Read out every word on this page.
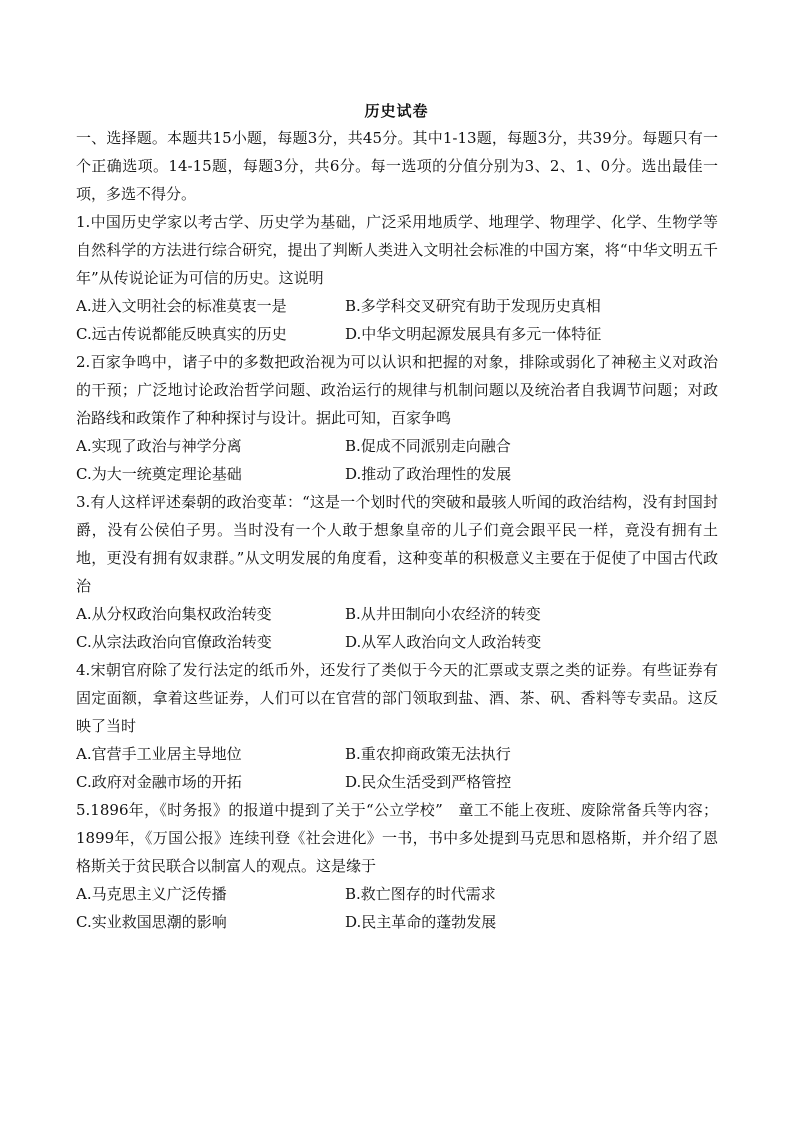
历史试卷

一、选择题。本题共15小题，每题3分，共45分。其中1-13题，每题3分，共39分。每题只有一个正确选项。14-15题，每题3分，共6分。每一选项的分值分别为3、2、1、0分。选出最佳一项，多选不得分。

1.中国历史学家以考古学、历史学为基础，广泛采用地质学、地理学、物理学、化学、生物学等自然科学的方法进行综合研究，提出了判断人类进入文明社会标准的中国方案，将“中华文明五千年”从传说论证为可信的历史。这说明

A.进入文明社会的标准莫衷一是	B.多学科交叉研究有助于发现历史真相
C.远古传说都能反映真实的历史	D.中华文明起源发展具有多元一体特征

2.百家争鸣中，诸子中的多数把政治视为可以认识和把握的对象，排除或弱化了神秘主义对政治的干预；广泛地讨论政治哲学问题、政治运行的规律与机制问题以及统治者自我调节问题；对政治路线和政策作了种种探讨与设计。据此可知，百家争鸣

A.实现了政治与神学分离	B.促成不同派别走向融合
C.为大一统奠定理论基础	D.推动了政治理性的发展

3.有人这样评述秦朝的政治变革：“这是一个划时代的突破和最骇人听闻的政治结构，没有封国封爵，没有公侯伯子男。当时没有一个人敢于想象皇帝的儿子们竟会跟平民一样，竟没有拥有土地，更没有拥有奴隶群。”从文明发展的角度看，这种变革的积极意义主要在于促使了中国古代政治

A.从分权政治向集权政治转变	B.从井田制向小农经济的转变
C.从宗法政治向官僚政治转变	D.从军人政治向文人政治转变

4.宋朝官府除了发行法定的纸币外，还发行了类似于今天的汇票或支票之类的证券。有些证券有固定面额，拿着这些证券，人们可以在官营的部门领取到盐、酒、茶、矾、香料等专卖品。这反映了当时

A.官营手工业居主导地位	B.重农抑商政策无法执行
C.政府对金融市场的开拓	D.民众生活受到严格管控

5.1896年，《时务报》的报道中提到了关于“公立学校”　童工不能上夜班、废除常备兵等内容；1899年，《万国公报》连续刊登《社会进化》一书，书中多处提到马克思和恩格斯，并介绍了恩格斯关于贫民联合以制富人的观点。这是缘于

A.马克思主义广泛传播	B.救亡图存的时代需求
C.实业救国思潮的影响	D.民主革命的蓬勃发展
